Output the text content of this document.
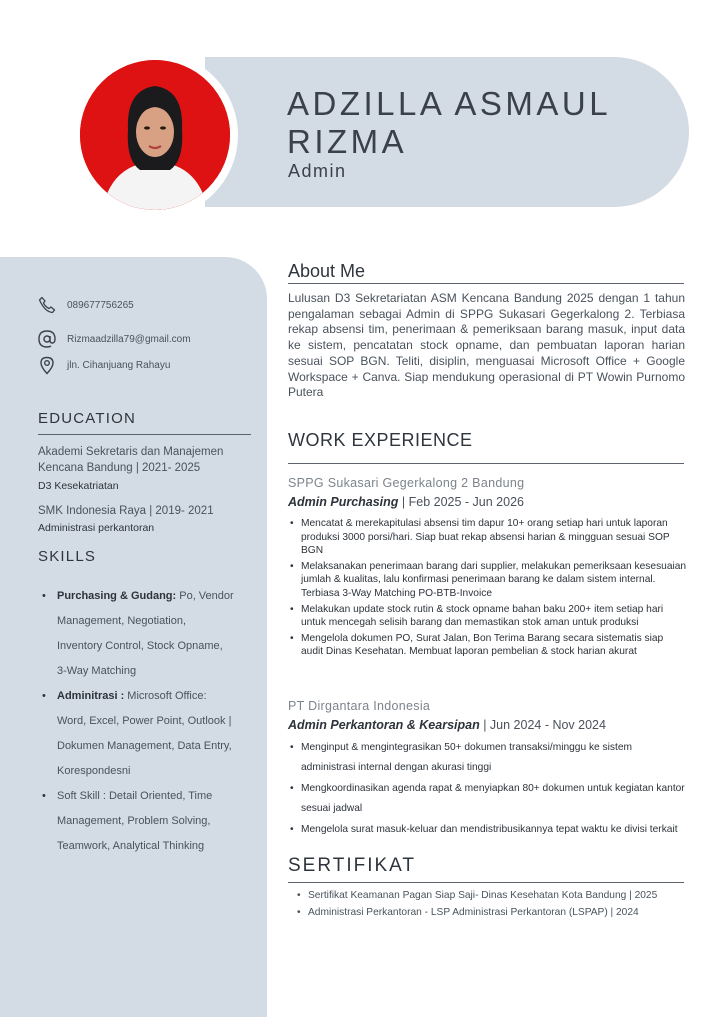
ADZILLA ASMAUL
RIZMA
Admin
089677756265
Rizmaadzilla79@gmail.com
jln. Cihanjuang Rahayu
EDUCATION
Akademi Sekretaris dan Manajemen
Kencana Bandung | 2021- 2025
D3 Kesekatriatan
SMK Indonesia Raya | 2019- 2021
Administrasi perkantoran
SKILLS
• Purchasing & Gudang: Po, Vendor
Management, Negotiation,
Inventory Control, Stock Opname,
3-Way Matching
• Adminitrasi : Microsoft Office:
Word, Excel, Power Point, Outlook |
Dokumen Management, Data Entry,
Korespondesni
• Soft Skill : Detail Oriented, Time
Management, Problem Solving,
Teamwork, Analytical Thinking
About Me

Lulusan D3 Sekretariatan ASM Kencana Bandung 2025 dengan 1 tahun pengalaman sebagai Admin di SPPG Sukasari Gegerkalong 2. Terbiasa rekap absensi tim, penerimaan & pemeriksaan barang masuk, input data ke sistem, pencatatan stock opname, dan pembuatan laporan harian sesuai SOP BGN. Teliti, disiplin, menguasai Microsoft Office + Google Workspace + Canva. Siap mendukung operasional di PT Wowin Purnomo Putera

WORK EXPERIENCE
SPPG Sukasari Gegerkalong 2 Bandung
Admin Purchasing | Feb 2025 - Jun 2026
• Mencatat & merekapitulasi absensi tim dapur 10+ orang setiap hari untuk laporan produksi 3000 porsi/hari. Siap buat rekap absensi harian & mingguan sesuai SOP BGN
• Melaksanakan penerimaan barang dari supplier, melakukan pemeriksaan kesesuaian jumlah & kualitas, lalu konfirmasi penerimaan barang ke dalam sistem internal. Terbiasa 3-Way Matching PO-BTB-Invoice
• Melakukan update stock rutin & stock opname bahan baku 200+ item setiap hari untuk mencegah selisih barang dan memastikan stok aman untuk produksi
• Mengelola dokumen PO, Surat Jalan, Bon Terima Barang secara sistematis siap audit Dinas Kesehatan. Membuat laporan pembelian & stock harian akurat
PT Dirgantara Indonesia
Admin Perkantoran & Kearsipan | Jun 2024 - Nov 2024
• Menginput & mengintegrasikan 50+ dokumen transaksi/minggu ke sistem administrasi internal dengan akurasi tinggi
• Mengkoordinasikan agenda rapat & menyiapkan 80+ dokumen untuk kegiatan kantor sesuai jadwal
• Mengelola surat masuk-keluar dan mendistribusikannya tepat waktu ke divisi terkait
SERTIFIKAT
• Sertifikat Keamanan Pagan Siap Saji- Dinas Kesehatan Kota Bandung | 2025
• Administrasi Perkantoran - LSP Administrasi Perkantoran (LSPAP) | 2024
